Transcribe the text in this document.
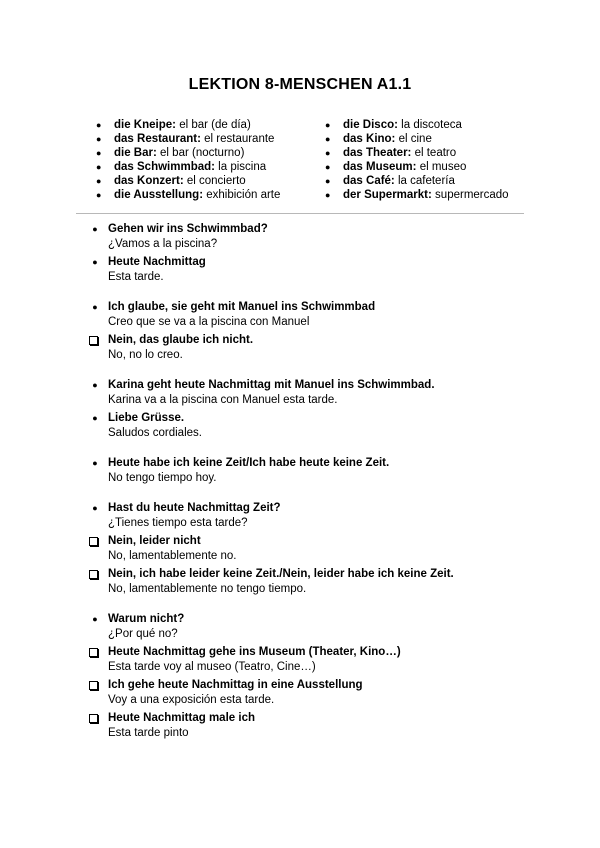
LEKTION 8-MENSCHEN A1.1
● die Kneipe: el bar (de día)
● das Restaurant: el restaurante
● die Bar: el bar (nocturno)
● das Schwimmbad: la piscina
● das Konzert: el concierto
● die Ausstellung: exhibición arte
● die Disco: la discoteca
● das Kino: el cine
● das Theater: el teatro
● das Museum: el museo
● das Café: la cafetería
● der Supermarkt: supermercado
● Gehen wir ins Schwimmbad?
¿Vamos a la piscina?
● Heute Nachmittag
Esta tarde.
● Ich glaube, sie geht mit Manuel ins Schwimmbad
Creo que se va a la piscina con Manuel
Nein, das glaube ich nicht.
No, no lo creo.
● Karina geht heute Nachmittag mit Manuel ins Schwimmbad.
Karina va a la piscina con Manuel esta tarde.
● Liebe Grüsse.
Saludos cordiales.
● Heute habe ich keine Zeit/Ich habe heute keine Zeit.
No tengo tiempo hoy.
● Hast du heute Nachmittag Zeit?
¿Tienes tiempo esta tarde?
Nein, leider nicht
No, lamentablemente no.
Nein, ich habe leider keine Zeit./Nein, leider habe ich keine Zeit.
No, lamentablemente no tengo tiempo.
● Warum nicht?
¿Por qué no?
Heute Nachmittag gehe ins Museum (Theater, Kino…)
Esta tarde voy al museo (Teatro, Cine…)
Ich gehe heute Nachmittag in eine Ausstellung
Voy a una exposición esta tarde.
Heute Nachmittag male ich
Esta tarde pinto
